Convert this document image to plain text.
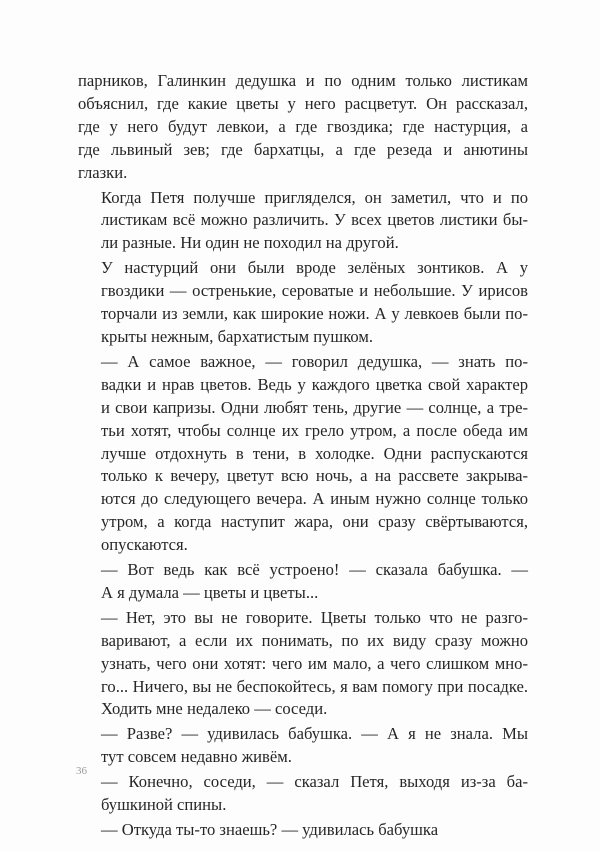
парников, Галинкин дедушка и по одним только листикам
объяснил, где какие цветы у него расцветут. Он рассказал,
где у него будут левкои, а где гвоздика; где настурция, а
где львиный зев; где бархатцы, а где резеда и анютины
глазки.

Когда Петя получше пригляделся, он заметил, что и по
листикам всё можно различить. У всех цветов листики бы-
ли разные. Ни один не походил на другой.

У настурций они были вроде зелёных зонтиков. А у
гвоздики — остренькие, сероватые и небольшие. У ирисов
торчали из земли, как широкие ножи. А у левкоев были по-
крыты нежным, бархатистым пушком.

— А самое важное, — говорил дедушка, — знать по-
вадки и нрав цветов. Ведь у каждого цветка свой характер
и свои капризы. Одни любят тень, другие — солнце, а тре-
тьи хотят, чтобы солнце их грело утром, а после обеда им
лучше отдохнуть в тени, в холодке. Одни распускаются
только к вечеру, цветут всю ночь, а на рассвете закрыва-
ются до следующего вечера. А иным нужно солнце только
утром, а когда наступит жара, они сразу свёртываются,
опускаются.

— Вот ведь как всё устроено! — сказала бабушка. —
А я думала — цветы и цветы...

— Нет, это вы не говорите. Цветы только что не разго-
варивают, а если их понимать, по их виду сразу можно
узнать, чего они хотят: чего им мало, а чего слишком мно-
го... Ничего, вы не беспокойтесь, я вам помогу при посадке.
Ходить мне недалеко — соседи.

— Разве? — удивилась бабушка. — А я не знала. Мы
тут совсем недавно живём.

— Конечно, соседи, — сказал Петя, выходя из-за ба-
бушкиной спины.

— Откуда ты-то знаешь? — удивилась бабушка

36
